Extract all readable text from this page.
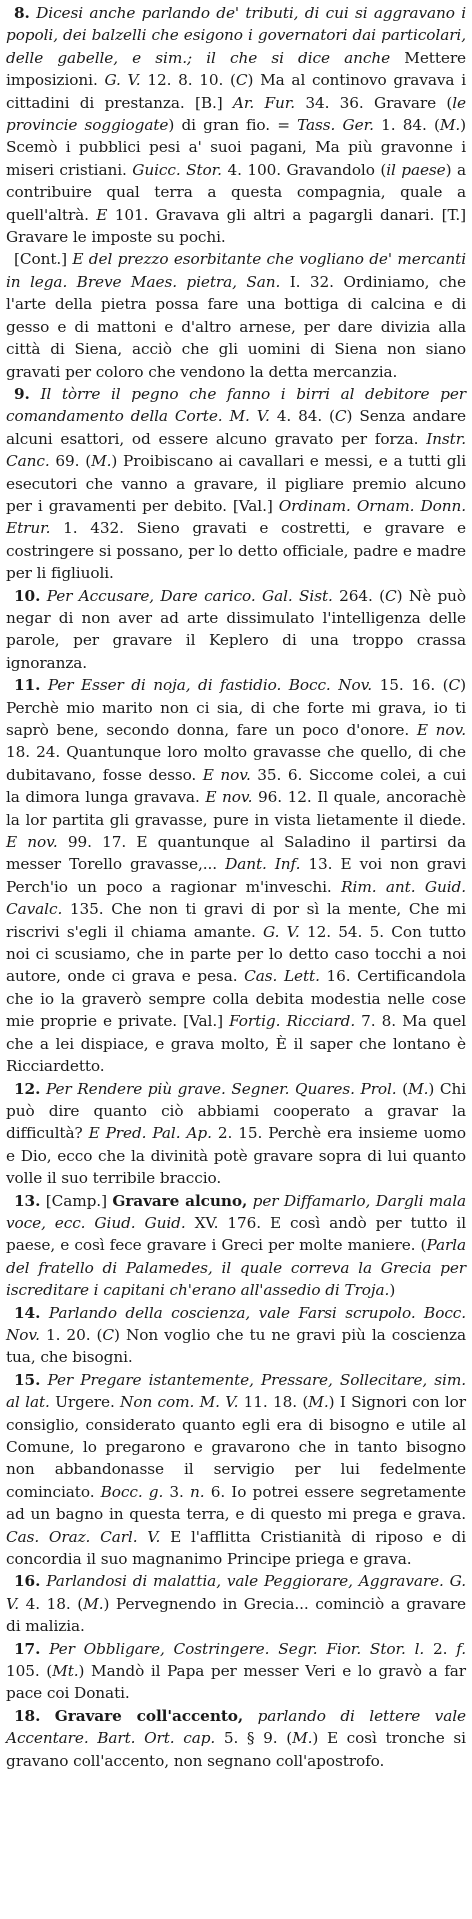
8. Dicesi anche parlando de' tributi, di cui si aggravano i popoli, dei balzelli che esigono i governatori dai particolari, delle gabelle, e sim.; il che si dice anche Mettere imposizioni. G. V. 12. 8. 10. (C) Ma al continovo gravava i cittadini di prestanza. [B.] Ar. Fur. 34. 36. Gravare (le provincie soggiogate) di gran fio. = Tass. Ger. 1. 84. (M.) Scemò i pubblici pesi a' suoi pagani, Ma più gravonne i miseri cristiani. Guicc. Stor. 4. 100. Gravandolo (il paese) a contribuire qual terra a questa compagnia, quale a quell'altrà. E 101. Gravava gli altri a pagargli danari. [T.] Gravare le imposte su pochi.

[Cont.] E del prezzo esorbitante che vogliano de' mercanti in lega. Breve Maes. pietra, San. I. 32. Ordiniamo, che l'arte della pietra possa fare una bottiga di calcina e di gesso e di mattoni e d'altro arnese, per dare divizia alla città di Siena, acciò che gli uomini di Siena non siano gravati per coloro che vendono la detta mercanzia.

9. Il tòrre il pegno che fanno i birri al debitore per comandamento della Corte. M. V. 4. 84. (C) Senza andare alcuni esattori, od essere alcuno gravato per forza. Instr. Canc. 69. (M.) Proibiscano ai cavallari e messi, e a tutti gli esecutori che vanno a gravare, il pigliare premio alcuno per i gravamenti per debito. [Val.] Ordinam. Ornam. Donn. Etrur. 1. 432. Sieno gravati e costretti, e gravare e costringere si possano, per lo detto officiale, padre e madre per li figliuoli.

10. Per Accusare, Dare carico. Gal. Sist. 264. (C) Nè può negar di non aver ad arte dissimulato l'intelligenza delle parole, per gravare il Keplero di una troppo crassa ignoranza.

11. Per Esser di noja, di fastidio. Bocc. Nov. 15. 16. (C) Perchè mio marito non ci sia, di che forte mi grava, io ti saprò bene, secondo donna, fare un poco d'onore. E nov. 18. 24. Quantunque loro molto gravasse che quello, di che dubitavano, fosse desso. E nov. 35. 6. Siccome colei, a cui la dimora lunga gravava. E nov. 96. 12. Il quale, ancorachè la lor partita gli gravasse, pure in vista lietamente il diede. E nov. 99. 17. E quantunque al Saladino il partirsi da messer Torello gravasse,... Dant. Inf. 13. E voi non gravi Perch'io un poco a ragionar m'inveschi. Rim. ant. Guid. Cavalc. 135. Che non ti gravi di por sì la mente, Che mi riscrivi s'egli il chiama amante. G. V. 12. 54. 5. Con tutto noi ci scusiamo, che in parte per lo detto caso tocchi a noi autore, onde ci grava e pesa. Cas. Lett. 16. Certificandola che io la graverò sempre colla debita modestia nelle cose mie proprie e private. [Val.] Fortig. Ricciard. 7. 8. Ma quel che a lei dispiace, e grava molto, È il saper che lontano è Ricciardetto.

12. Per Rendere più grave. Segner. Quares. Prol. (M.) Chi può dire quanto ciò abbiami cooperato a gravar la difficultà? E Pred. Pal. Ap. 2. 15. Perchè era insieme uomo e Dio, ecco che la divinità potè gravare sopra di lui quanto volle il suo terribile braccio.

13. [Camp.] Gravare alcuno, per Diffamarlo, Dargli mala voce, ecc. Giud. Guid. XV. 176. E così andò per tutto il paese, e così fece gravare i Greci per molte maniere. (Parla del fratello di Palamedes, il quale correva la Grecia per iscreditare i capitani ch'erano all'assedio di Troja.)

14. Parlando della coscienza, vale Farsi scrupolo. Bocc. Nov. 1. 20. (C) Non voglio che tu ne gravi più la coscienza tua, che bisogni.

15. Per Pregare istantemente, Pressare, Sollecitare, sim. al lat. Urgere. Non com. M. V. 11. 18. (M.) I Signori con lor consiglio, considerato quanto egli era di bisogno e utile al Comune, lo pregarono e gravarono che in tanto bisogno non abbandonasse il servigio per lui fedelmente cominciato. Bocc. g. 3. n. 6. Io potrei essere segretamente ad un bagno in questa terra, e di questo mi prega e grava. Cas. Oraz. Carl. V. E l'afflitta Cristianità di riposo e di concordia il suo magnanimo Principe priega e grava.

16. Parlandosi di malattia, vale Peggiorare, Aggravare. G. V. 4. 18. (M.) Pervegnendo in Grecia... cominciò a gravare di malizia.

17. Per Obbligare, Costringere. Segr. Fior. Stor. l. 2. f. 105. (Mt.) Mandò il Papa per messer Veri e lo gravò a far pace coi Donati.

18. Gravare coll'accento, parlando di lettere vale Accentare. Bart. Ort. cap. 5. § 9. (M.) E così tronche si gravano coll'accento, non segnano coll'apostrofo.
